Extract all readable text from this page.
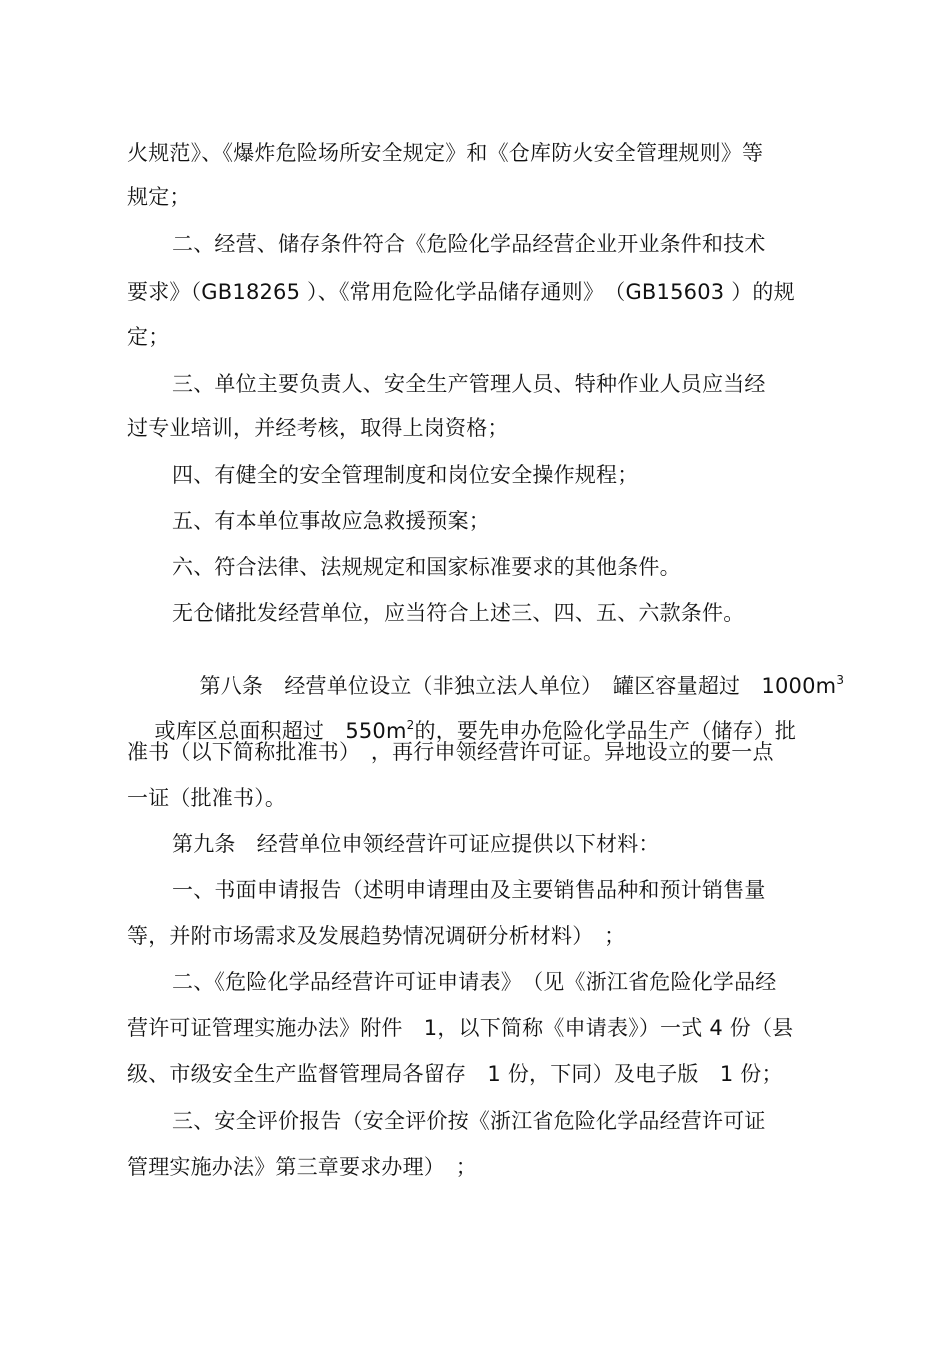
火规范》、《爆炸危险场所安全规定》和《仓库防火安全管理规则》等
规定；
二、经营、储存条件符合《危险化学品经营企业开业条件和技术
要求》（GB18265 ）、《常用危险化学品储存通则》　（GB15603 ）的规
定；
三、单位主要负责人、安全生产管理人员、特种作业人员应当经
过专业培训，并经考核，取得上岗资格；
四、有健全的安全管理制度和岗位安全操作规程；
五、有本单位事故应急救援预案；
六、符合法律、法规规定和国家标准要求的其他条件。
无仓储批发经营单位，应当符合上述三、四、五、六款条件。

第八条　经营单位设立（非独立法人单位）　罐区容量超过　$1000m^3$

或库区总面积超过　$550m^2$的，要先申办危险化学品生产（储存）批

准书（以下简称批准书）　，再行申领经营许可证。异地设立的要一点
一证（批准书）。
第九条　经营单位申领经营许可证应提供以下材料：
一、书面申请报告（述明申请理由及主要销售品种和预计销售量
等，并附市场需求及发展趋势情况调研分析材料）　；
二、《危险化学品经营许可证申请表》　（见《浙江省危险化学品经
营许可证管理实施办法》附件　1，以下简称《申请表》）一式 4 份（县
级、市级安全生产监督管理局各留存　1 份，下同）及电子版　1 份；
三、安全评价报告（安全评价按《浙江省危险化学品经营许可证
管理实施办法》第三章要求办理）　；
